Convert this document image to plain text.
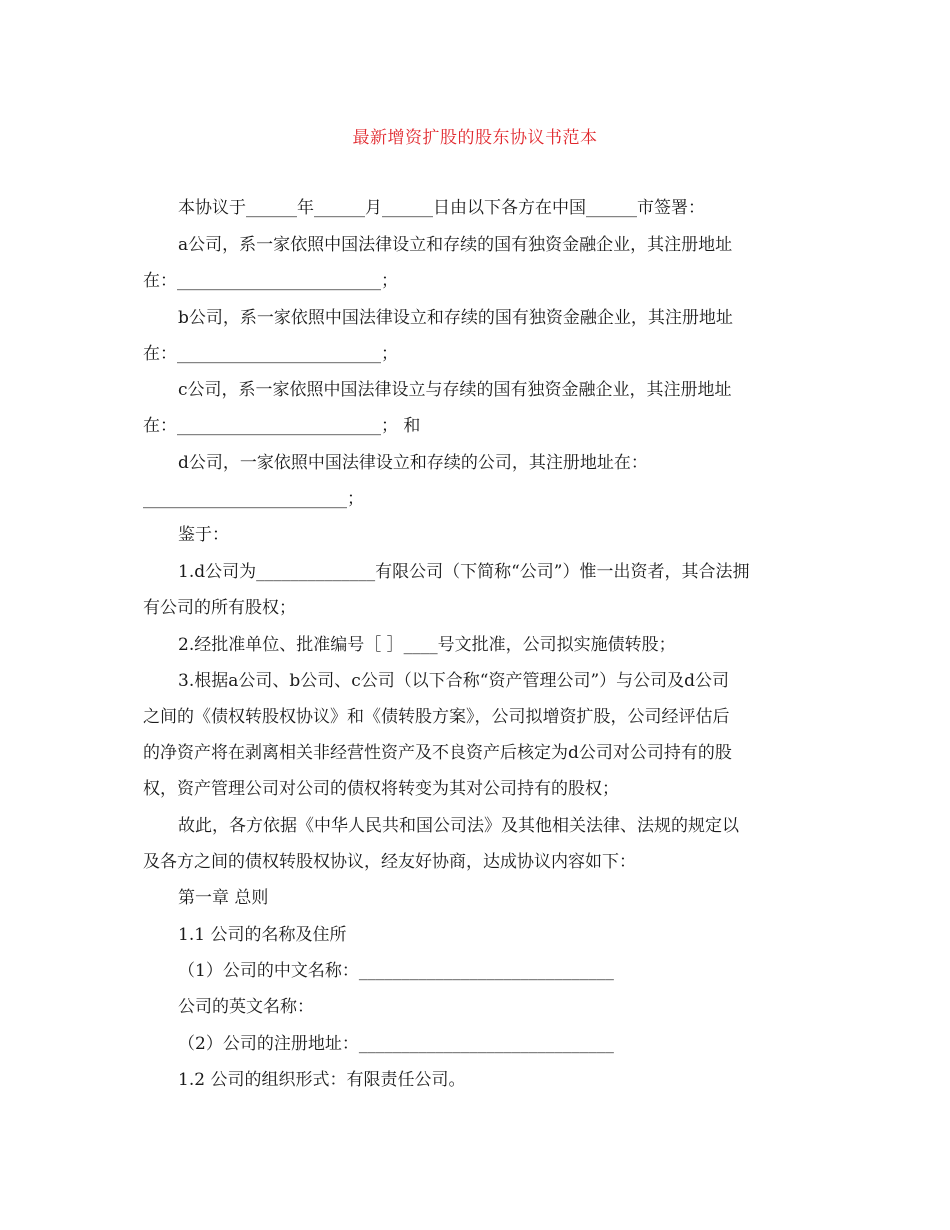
最新增资扩股的股东协议书范本
本协议于______年______月______日由以下各方在中国______市签署：
a公司，系一家依照中国法律设立和存续的国有独资金融企业，其注册地址
在：________________________；
b公司，系一家依照中国法律设立和存续的国有独资金融企业，其注册地址
在：________________________；
c公司，系一家依照中国法律设立与存续的国有独资金融企业，其注册地址
在：________________________； 和
d公司，一家依照中国法律设立和存续的公司，其注册地址在：
________________________；
鉴于：
1.d公司为______________有限公司（下简称“公司”）惟一出资者，其合法拥
有公司的所有股权；
2.经批准单位、批准编号［ ］____号文批准，公司拟实施债转股；
3.根据a公司、b公司、c公司（以下合称“资产管理公司”）与公司及d公司
之间的《债权转股权协议》和《债转股方案》，公司拟增资扩股，公司经评估后
的净资产将在剥离相关非经营性资产及不良资产后核定为d公司对公司持有的股
权，资产管理公司对公司的债权将转变为其对公司持有的股权；
故此，各方依据《中华人民共和国公司法》及其他相关法律、法规的规定以
及各方之间的债权转股权协议，经友好协商，达成协议内容如下：
第一章 总则
1.1 公司的名称及住所
（1）公司的中文名称：______________________________
公司的英文名称：
（2）公司的注册地址：______________________________
1.2 公司的组织形式：有限责任公司。
